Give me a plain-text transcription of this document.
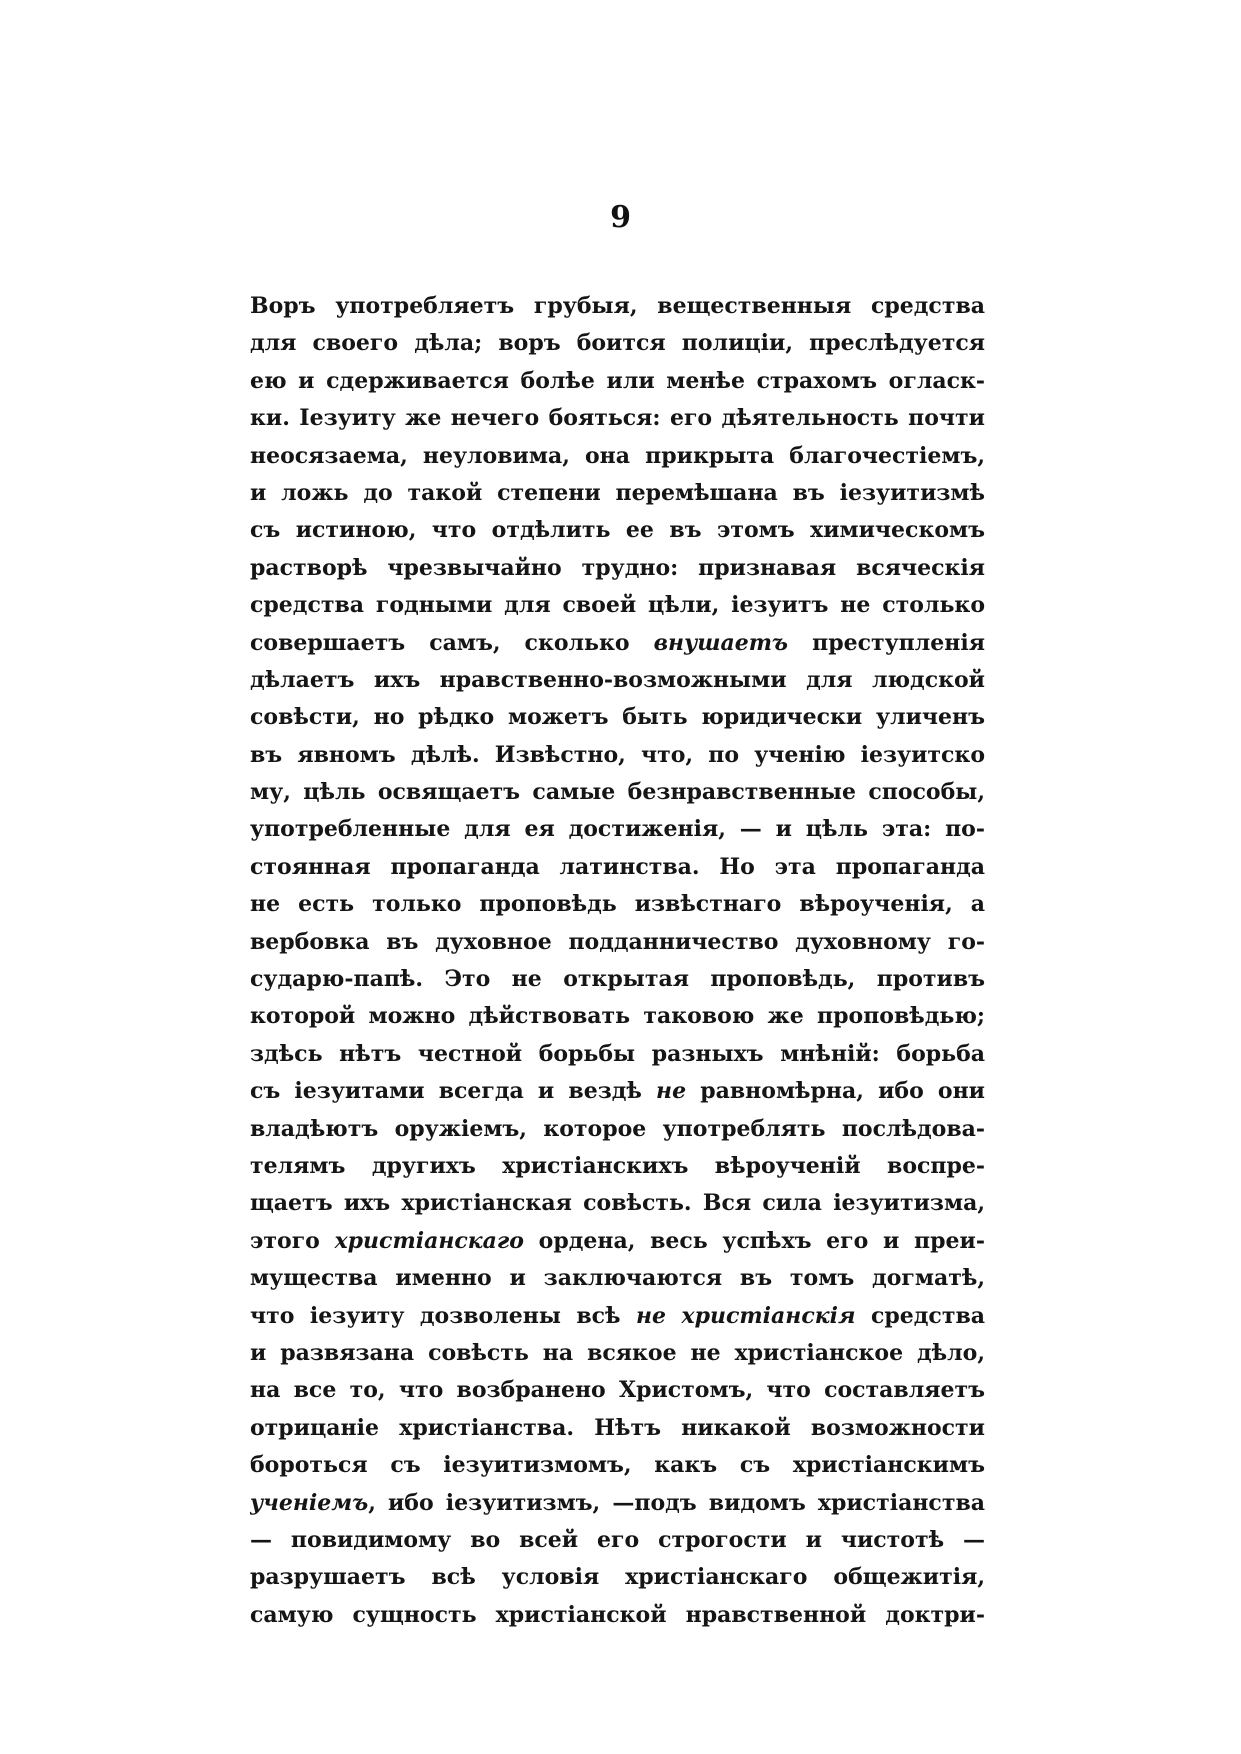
9
Воръ употребляетъ грубыя, вещественныя средства
для своего дѣла; воръ боится полиціи, преслѣдуется
ею и сдерживается болѣе или менѣе страхомъ огласк-
ки. Іезуиту же нечего бояться: его дѣятельность почти
неосязаема, неуловима, она прикрыта благочестіемъ,
и ложь до такой степени перемѣшана въ іезуитизмѣ
съ истиною, что отдѣлить ее въ этомъ химическомъ
растворѣ чрезвычайно трудно: признавая всяческія
средства годными для своей цѣли, іезуитъ не столько
совершаетъ самъ, сколько внушаетъ преступленія
дѣлаетъ ихъ нравственно-возможными для людской
совѣсти, но рѣдко можетъ быть юридически уличенъ
въ явномъ дѣлѣ. Извѣстно, что, по ученію іезуитско
му, цѣль освящаетъ самые безнравственные способы,
употребленные для ея достиженія, — и цѣль эта: по-
стоянная пропаганда латинства. Но эта пропаганда
не есть только проповѣдь извѣстнаго вѣроученія, а
вербовка въ духовное подданничество духовному го-
сударю-папѣ. Это не открытая проповѣдь, противъ
которой можно дѣйствовать таковою же проповѣдью;
здѣсь нѣтъ честной борьбы разныхъ мнѣній: борьба
съ іезуитами всегда и вездѣ не равномѣрна, ибо они
владѣютъ оружіемъ, которое употреблять послѣдова-
телямъ другихъ христіанскихъ вѣроученій воспре-
щаетъ ихъ христіанская совѣсть. Вся сила іезуитизма,
этого христіанскаго ордена, весь успѣхъ его и преи-
мущества именно и заключаются въ томъ догматѣ,
что іезуиту дозволены всѣ не христіанскія средства
и развязана совѣсть на всякое не христіанское дѣло,
на все то, что возбранено Христомъ, что составляетъ
отрицаніе христіанства. Нѣтъ никакой возможности
бороться съ іезуитизмомъ, какъ съ христіанскимъ
ученіемъ, ибо іезуитизмъ, —подъ видомъ христіанства
— повидимому во всей его строгости и чистотѣ —
разрушаетъ всѣ условія христіанскаго общежитія,
самую сущность христіанской нравственной доктри-
